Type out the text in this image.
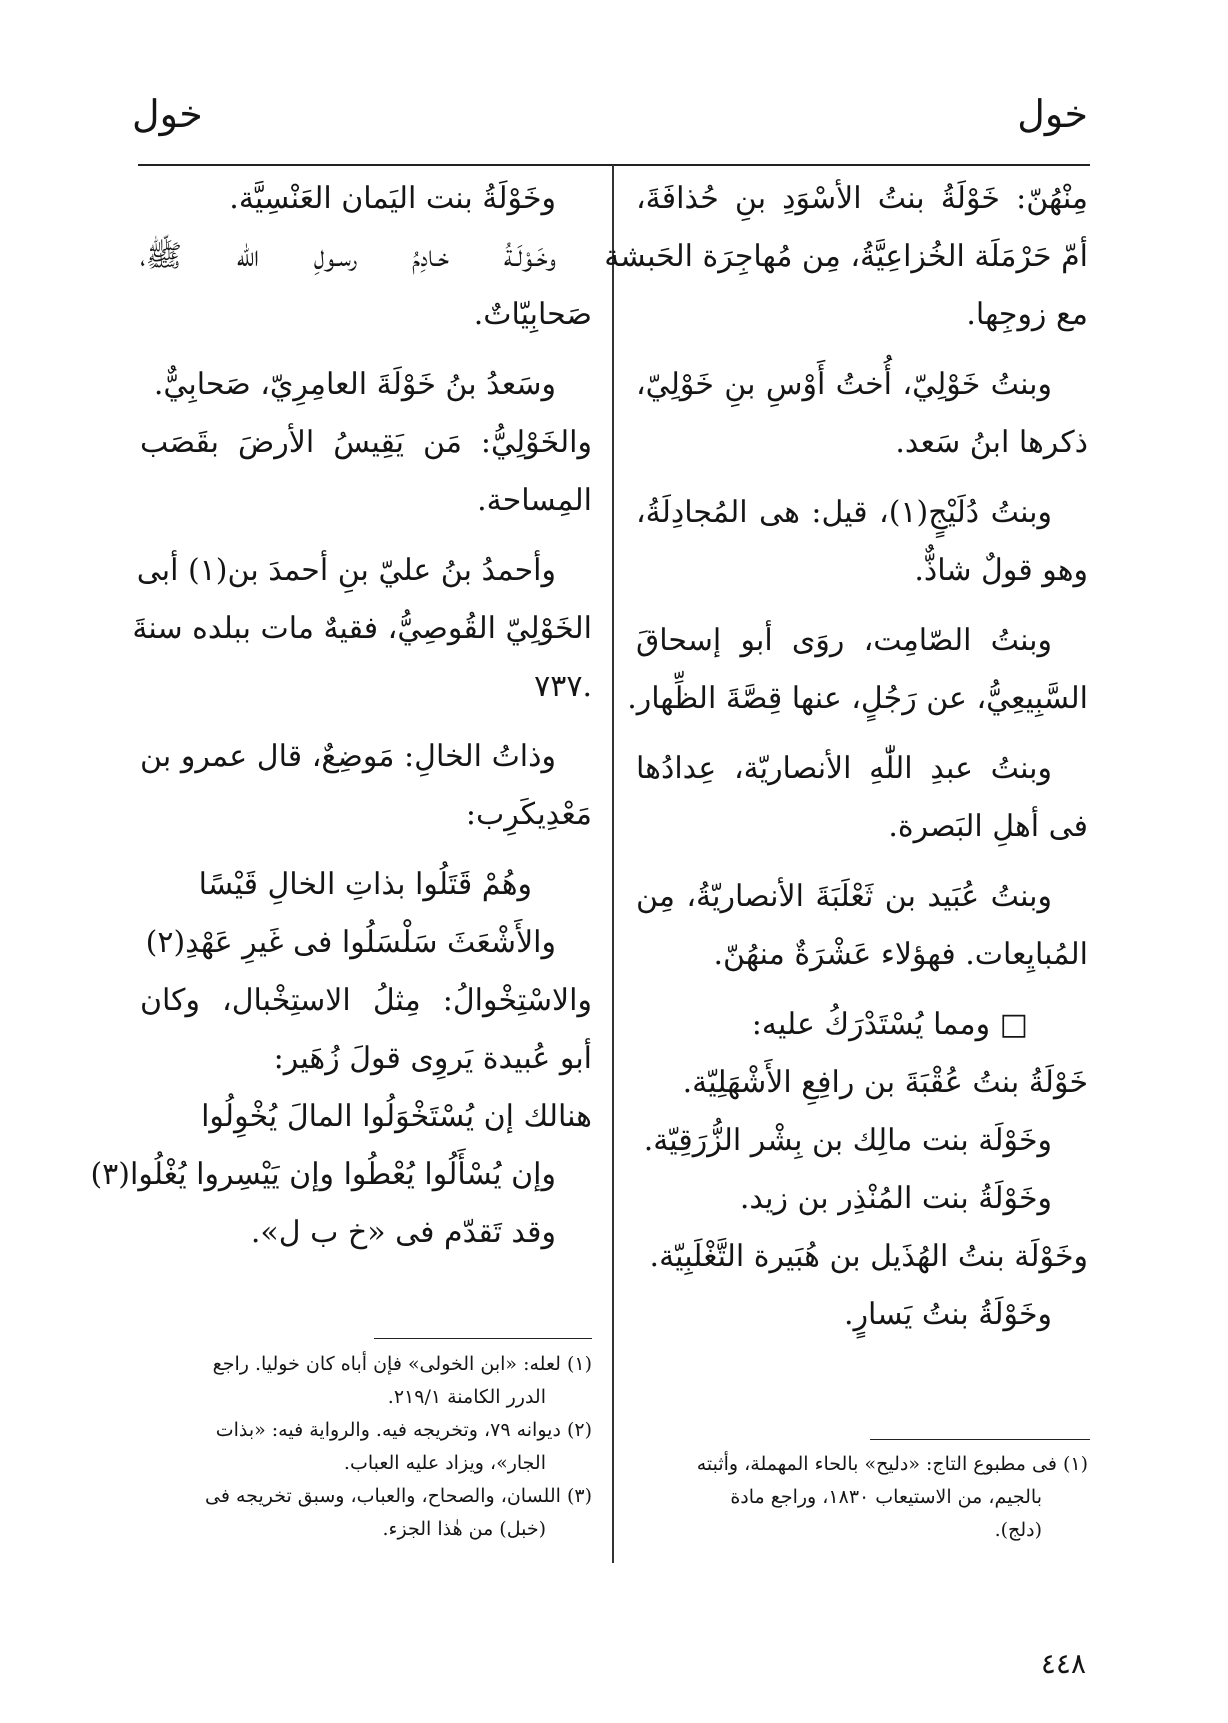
خول
خول
مِنْهُنّ: خَوْلَةُ بنتُ الأسْوَدِ بنِ حُذافَةَ،
أمّ حَرْمَلَة الخُزاعِيَّةُ، مِن مُهاجِرَة الحَبشة
مع زوجِها.
وبنتُ خَوْلِيّ، أُختُ أَوْسِ بنِ خَوْلِيّ،
ذكرها ابنُ سَعد.
وبنتُ دُلَيْجٍ(١)، قيل: هى المُجادِلَةُ،
وهو قولٌ شاذٌّ.
وبنتُ الصّامِت، روَى أبو إسحاقَ
السَّبِيعِيُّ، عن رَجُلٍ، عنها قِصَّةَ الظِّهار.
وبنتُ عبدِ اللّٰهِ الأنصاريّة، عِدادُها
فى أهلِ البَصرة.
وبنتُ عُبَيد بن ثَعْلَبَةَ الأنصاريّةُ، مِن
المُبايِعات. فهؤلاء عَشْرَةٌ منهُنّ.
□ ومما يُسْتَدْرَكُ عليه:
خَوْلَةُ بنتُ عُقْبَةَ بن رافِعِ الأَشْهَلِيّة.
وخَوْلَة بنت مالِك بن بِشْر الزُّرَقِيّة.
وخَوْلَةُ بنت المُنْذِر بن زيد.
وخَوْلَة بنتُ الهُذَيل بن هُبَيرة التَّغْلَبِيّة.
وخَوْلَةُ بنتُ يَسارٍ.
وخَوْلَةُ بنت اليَمان العَنْسِيَّة.
وخَـوْلَـةُ خـادِمُ رسـولِ الله ﷺ،
صَحابِيّاتٌ.
وسَعدُ بنُ خَوْلَةَ العامِرِيّ، صَحابِيٌّ.
والخَوْلِيُّ: مَن يَقِيسُ الأرضَ بقَصَب
المِساحة.
وأحمدُ بنُ عليّ بنِ أحمدَ بن(١) أبى
الخَوْلِيّ القُوصِيُّ، فقيهٌ مات ببلده سنةَ
.٧٣٧
وذاتُ الخالِ: مَوضِعٌ، قال عمرو بن
مَعْدِيكَرِب:
وهُمْ قَتَلُوا بذاتِ الخالِ قَيْسًا
والأَشْعَثَ سَلْسَلُوا فى غَيرِ عَهْدِ(٢)
والاسْتِخْوالُ: مِثلُ الاستِخْبال، وكان
أبو عُبيدة يَروِى قولَ زُهَير:
هنالك إن يُسْتَخْوَلُوا المالَ يُخْوِلُوا
وإن يُسْأَلُوا يُعْطُوا وإن يَيْسِروا يُغْلُوا(٣)
وقد تَقدّم فى «خ ب ل».
(١) فى مطبوع التاج: «دليح» بالحاء المهملة، وأثبته
بالجيم، من الاستيعاب ١٨٣٠، وراجع مادة
(دلج).
(١) لعله: «ابن الخولى» فإن أباه كان خوليا. راجع
الدرر الكامنة ٢١٩/١.
(٢) ديوانه ٧٩، وتخريجه فيه. والرواية فيه: «بذات
الجار»، ويزاد عليه العباب.
(٣) اللسان، والصحاح، والعباب، وسبق تخريجه فى
(خبل) من هٰذا الجزء.
٤٤٨
